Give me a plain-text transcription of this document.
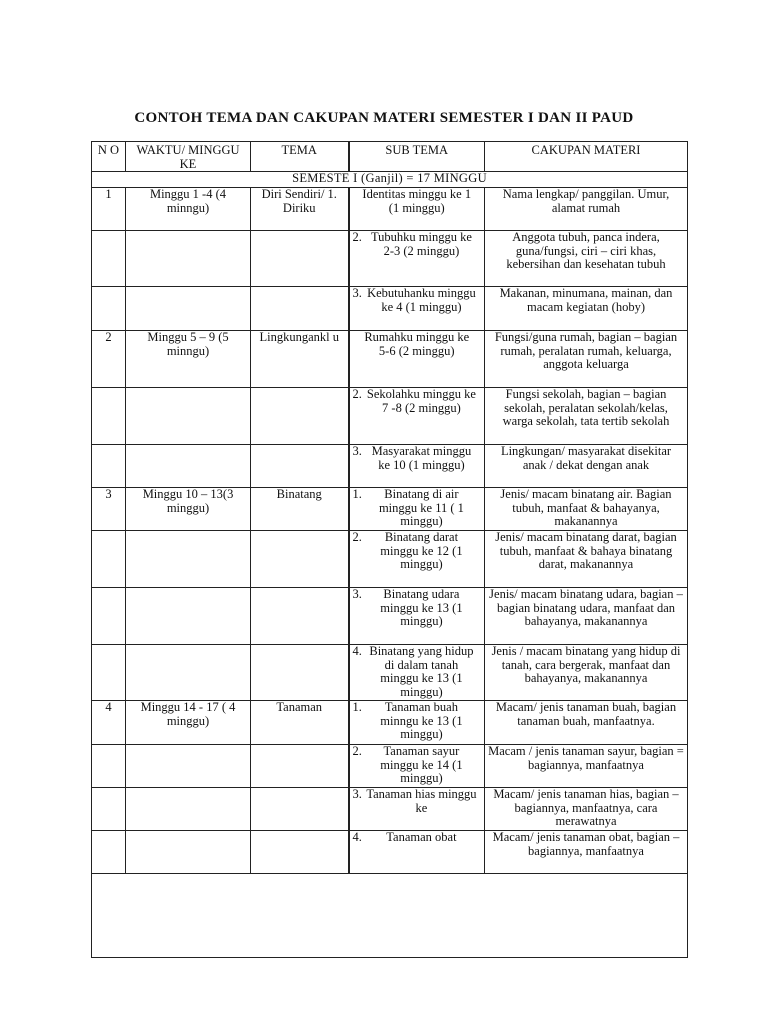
CONTOH TEMA DAN CAKUPAN MATERI SEMESTER I DAN II PAUD
N O	WAKTU/ MINGGU KE	TEMA	SUB TEMA	CAKUPAN MATERI
SEMESTE I (Ganjil) = 17 MINGGU				
1	Minggu 1 -4 (4 minngu)	Diri Sendiri/ 1. Diriku	Identitas minggu ke 1 (1 minggu)	Nama lengkap/ panggilan. Umur, alamat rumah

			2. Tubuhku minggu ke 2-3 (2 minggu)	Anggota tubuh, panca indera, guna/fungsi, ciri – ciri khas, kebersihan dan kesehatan tubuh

			3. Kebutuhanku minggu ke 4 (1 minggu)	Makanan, minumana, mainan, dan macam kegiatan (hoby)
2	Minggu 5 – 9 (5 minngu)	Lingkungankl u	Rumahku minggu ke 5-6 (2 minggu)	Fungsi/guna rumah, bagian – bagian rumah, peralatan rumah, keluarga, anggota keluarga

			2. Sekolahku minggu ke 7 -8 (2 minggu)	Fungsi sekolah, bagian – bagian sekolah, peralatan sekolah/kelas, warga sekolah, tata tertib sekolah

			3. Masyarakat minggu ke 10 (1 minggu)	Lingkungan/ masyarakat disekitar anak / dekat dengan anak
3	Minggu 10 – 13(3 minggu)	Binatang	1. Binatang di air minggu ke 11 ( 1 minggu)	Jenis/ macam binatang air. Bagian tubuh, manfaat & bahayanya, makanannya

			2. Binatang darat minggu ke 12 (1 minggu)	Jenis/ macam binatang darat, bagian tubuh, manfaat & bahaya binatang darat, makanannya

			3. Binatang udara minggu ke 13 (1 minggu)	Jenis/ macam binatang udara, bagian – bagian binatang udara, manfaat dan bahayanya, makanannya

			4. Binatang yang hidup di dalam tanah minggu ke 13 (1 minggu)	Jenis / macam binatang yang hidup di tanah, cara bergerak, manfaat dan bahayanya, makanannya
4	Minggu 14 - 17 ( 4 minggu)	Tanaman	1. Tanaman buah minngu ke 13 (1 minggu)	Macam/ jenis tanaman buah, bagian tanaman buah, manfaatnya.

			2. Tanaman sayur minggu ke 14 (1 minggu)	Macam / jenis tanaman sayur, bagian = bagiannya, manfaatnya

			3. Tanaman hias minggu ke	Macam/ jenis tanaman hias, bagian – bagiannya, manfaatnya, cara merawatnya

			4. Tanaman obat	Macam/ jenis tanaman obat, bagian – bagiannya, manfaatnya
